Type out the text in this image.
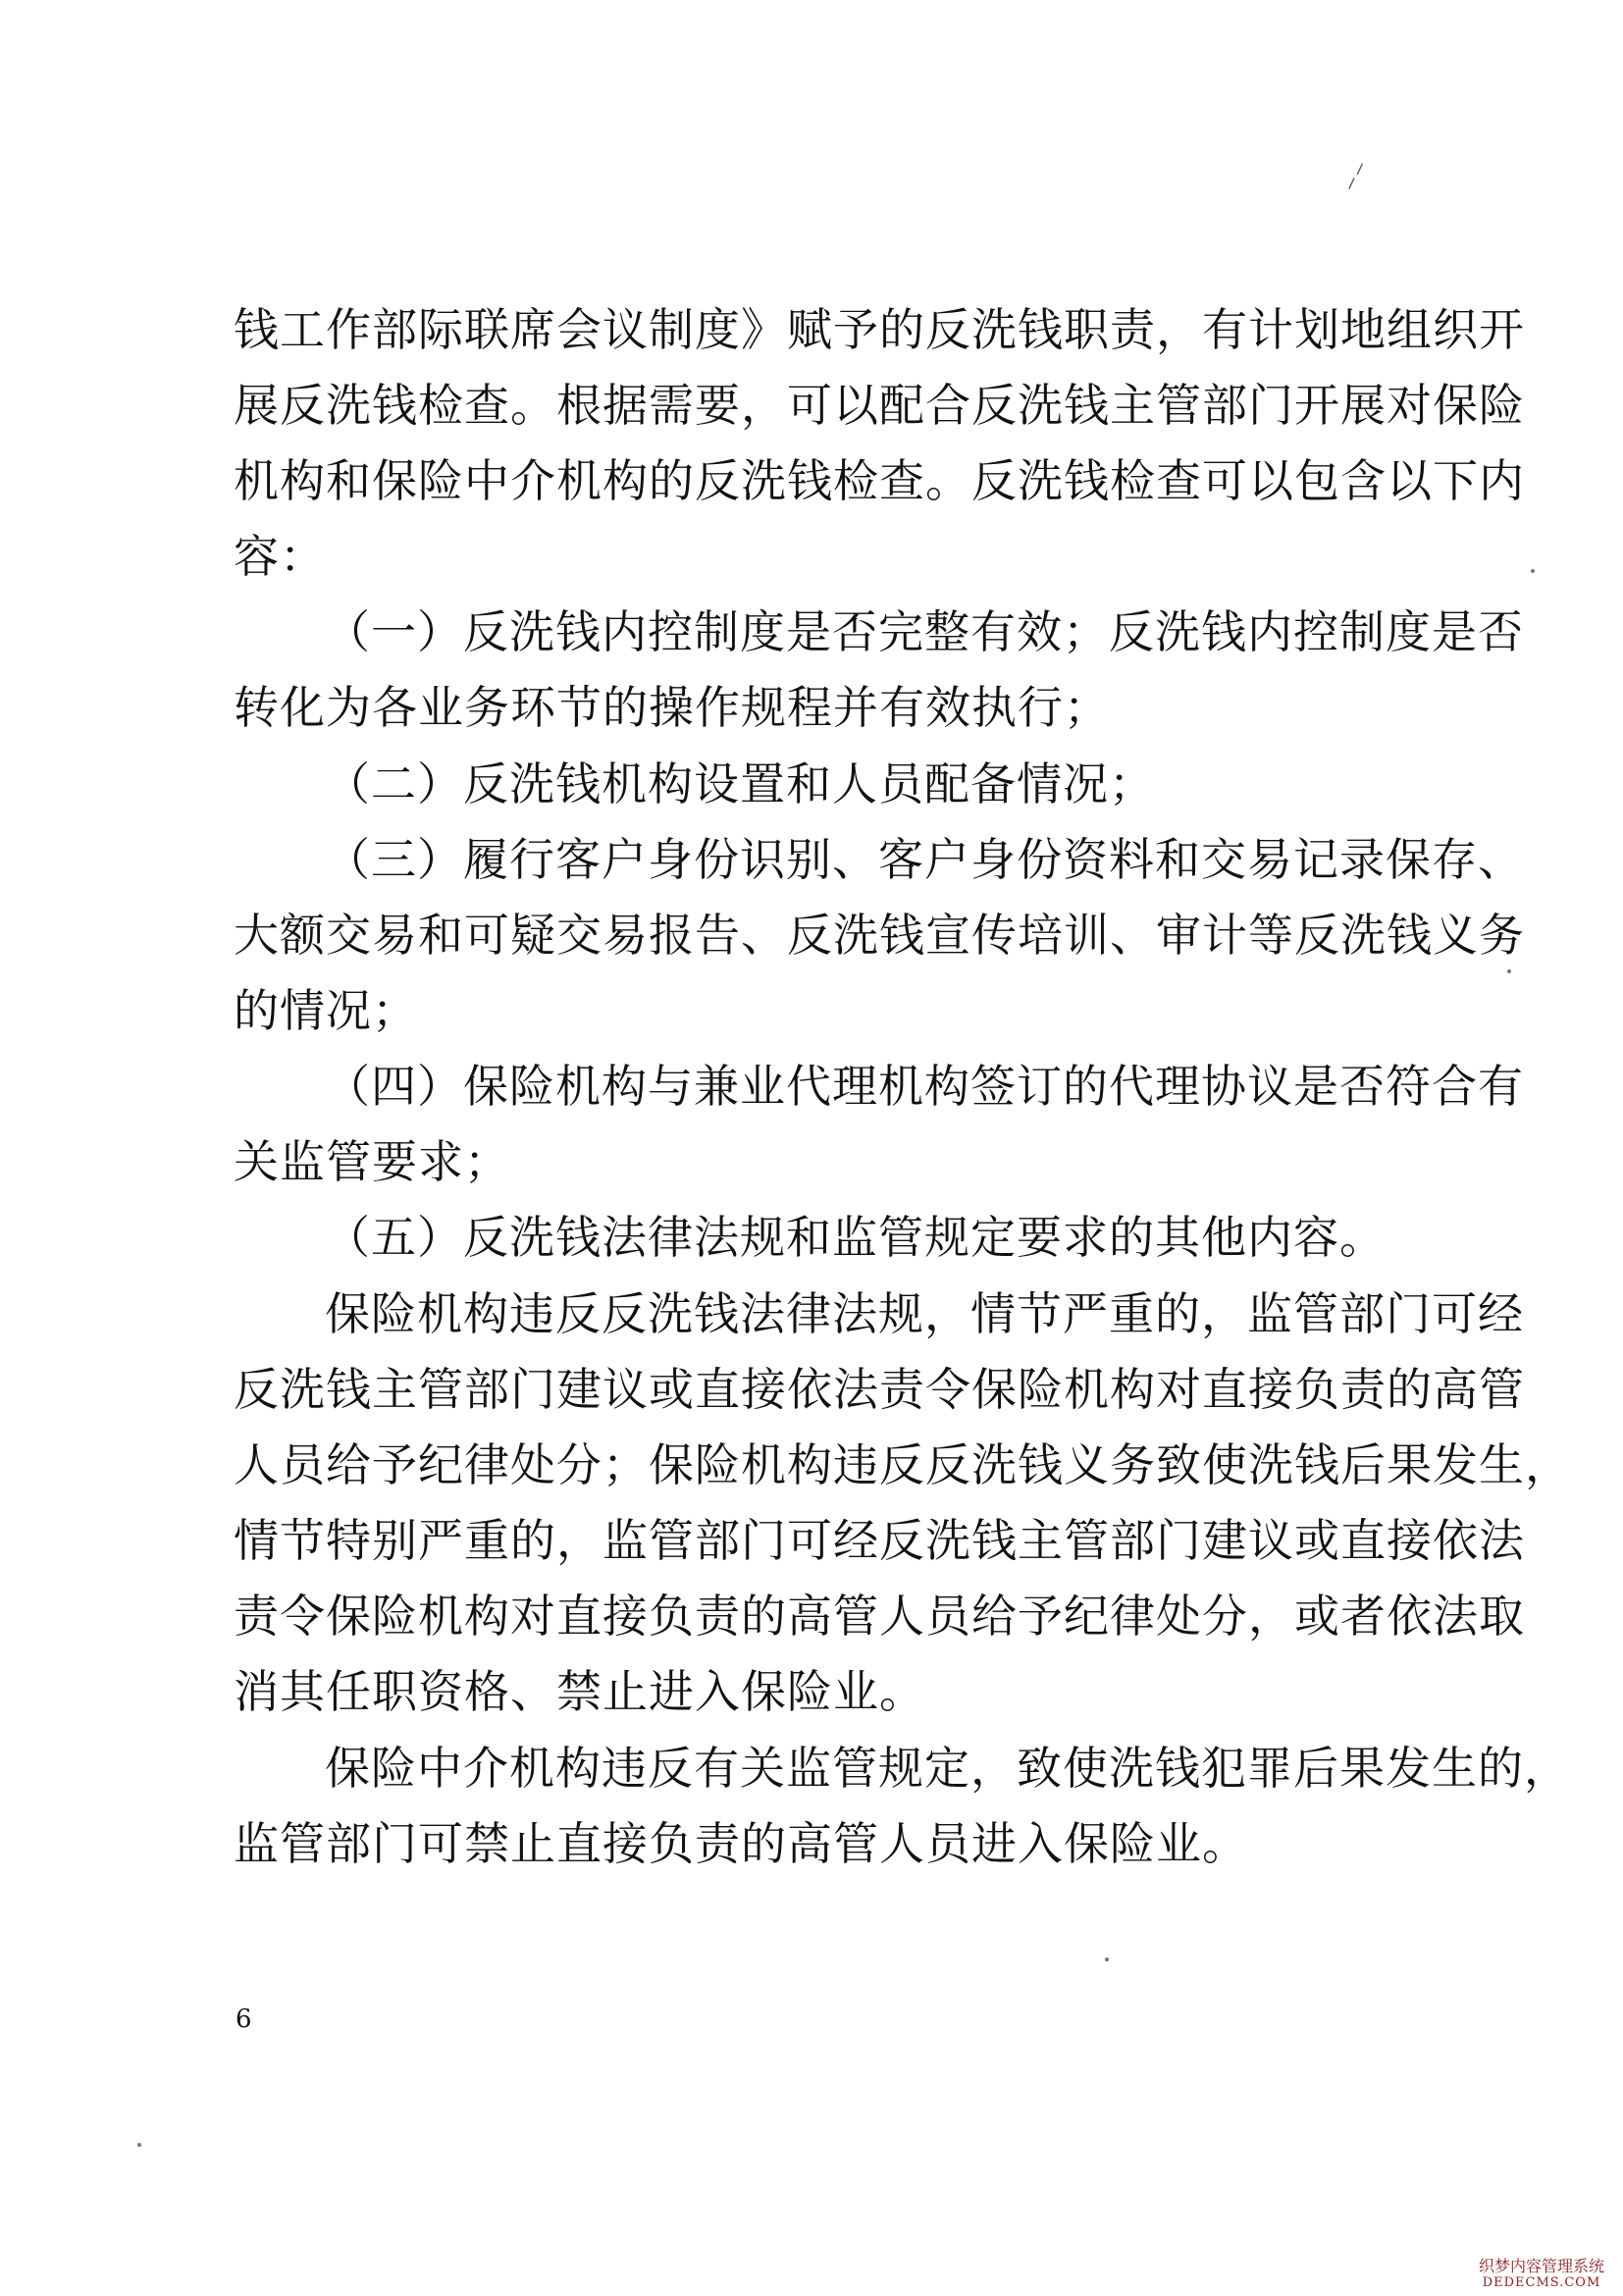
⸝⸍
钱工作部际联席会议制度》赋予的反洗钱职责，有计划地组织开
展反洗钱检查。根据需要，可以配合反洗钱主管部门开展对保险
机构和保险中介机构的反洗钱检查。反洗钱检查可以包含以下内
容：
（一）反洗钱内控制度是否完整有效；反洗钱内控制度是否
转化为各业务环节的操作规程并有效执行；
（二）反洗钱机构设置和人员配备情况；
（三）履行客户身份识别、客户身份资料和交易记录保存、
大额交易和可疑交易报告、反洗钱宣传培训、审计等反洗钱义务
的情况；
（四）保险机构与兼业代理机构签订的代理协议是否符合有
关监管要求；
（五）反洗钱法律法规和监管规定要求的其他内容。
保险机构违反反洗钱法律法规，情节严重的，监管部门可经
反洗钱主管部门建议或直接依法责令保险机构对直接负责的高管
人员给予纪律处分；保险机构违反反洗钱义务致使洗钱后果发生，
情节特别严重的，监管部门可经反洗钱主管部门建议或直接依法
责令保险机构对直接负责的高管人员给予纪律处分，或者依法取
消其任职资格、禁止进入保险业。
保险中介机构违反有关监管规定，致使洗钱犯罪后果发生的，
监管部门可禁止直接负责的高管人员进入保险业。
6
织梦内容管理系统
DEDECMS.COM
